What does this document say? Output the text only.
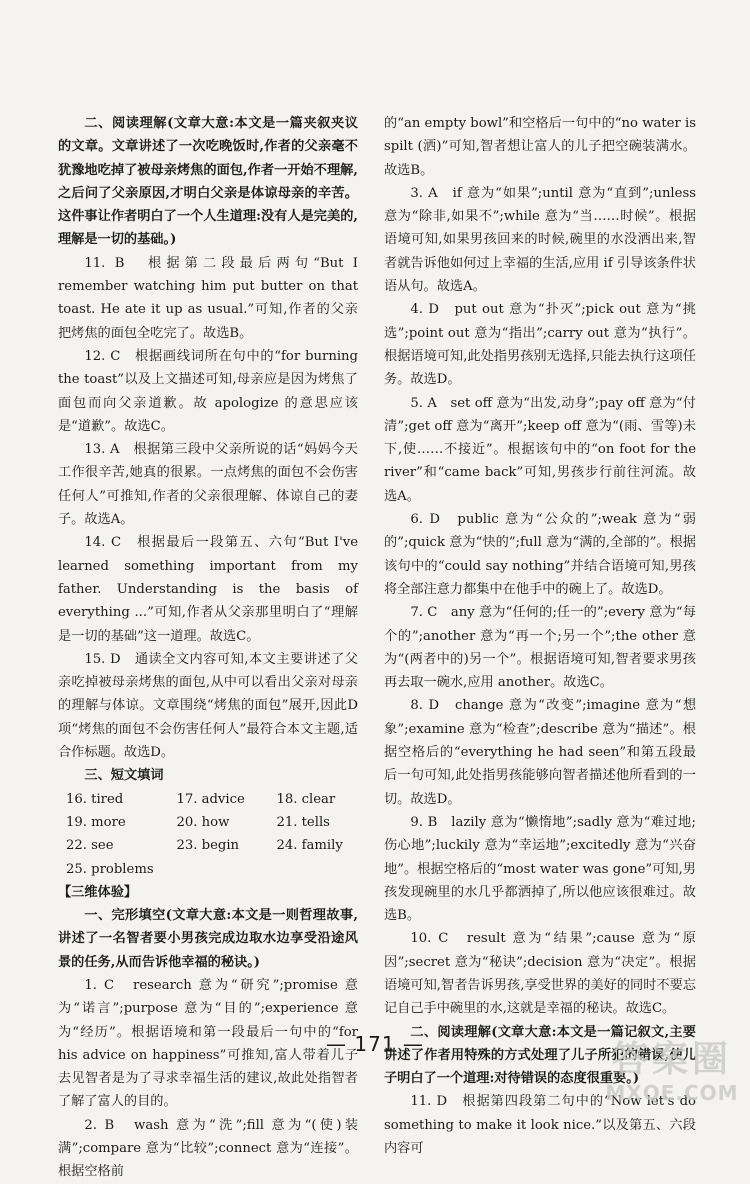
二、阅读理解(文章大意:本文是一篇夹叙夹议的文章。文章讲述了一次吃晚饭时,作者的父亲毫不犹豫地吃掉了被母亲烤焦的面包,作者一开始不理解,之后问了父亲原因,才明白父亲是体谅母亲的辛苦。这件事让作者明白了一个人生道理:没有人是完美的,理解是一切的基础。)

11. B　根据第二段最后两句“But I remember watching him put butter on that toast. He ate it up as usual.”可知,作者的父亲把烤焦的面包全吃完了。故选B。

12. C　根据画线词所在句中的“for burning the toast”以及上文描述可知,母亲应是因为烤焦了面包而向父亲道歉。故 apologize 的意思应该是“道歉”。故选C。

13. A　根据第三段中父亲所说的话“妈妈今天工作很辛苦,她真的很累。一点烤焦的面包不会伤害任何人”可推知,作者的父亲很理解、体谅自己的妻子。故选A。

14. C　根据最后一段第五、六句“But I've learned something important from my father. Understanding is the basis of everything ...”可知,作者从父亲那里明白了“理解是一切的基础”这一道理。故选C。

15. D　通读全文内容可知,本文主要讲述了父亲吃掉被母亲烤焦的面包,从中可以看出父亲对母亲的理解与体谅。文章围绕“烤焦的面包”展开,因此D项“烤焦的面包不会伤害任何人”最符合本文主题,适合作标题。故选D。

三、短文填词

16. tired	17. advice	18. clear
19. more	20. how	21. tells
22. see	23. begin	24. family
25. problems		

【三维体验】

一、完形填空(文章大意:本文是一则哲理故事,讲述了一名智者要小男孩完成边取水边享受沿途风景的任务,从而告诉他幸福的秘诀。)

1. C　research 意为“研究”;promise 意为“诺言”;purpose 意为“目的”;experience 意为“经历”。根据语境和第一段最后一句中的“for his advice on happiness”可推知,富人带着儿子去见智者是为了寻求幸福生活的建议,故此处指智者了解了富人的目的。

2. B　wash 意为“洗”;fill 意为“(使)装满”;compare 意为“比较”;connect 意为“连接”。根据空格前

的“an empty bowl”和空格后一句中的“no water is spilt (洒)”可知,智者想让富人的儿子把空碗装满水。故选B。

3. A　if 意为“如果”;until 意为“直到”;unless 意为“除非,如果不”;while 意为“当……时候”。根据语境可知,如果男孩回来的时候,碗里的水没洒出来,智者就告诉他如何过上幸福的生活,应用 if 引导该条件状语从句。故选A。

4. D　put out 意为“扑灭”;pick out 意为“挑选”;point out 意为“指出”;carry out 意为“执行”。根据语境可知,此处指男孩别无选择,只能去执行这项任务。故选D。

5. A　set off 意为“出发,动身”;pay off 意为“付清”;get off 意为“离开”;keep off 意为“(雨、雪等)未下,使……不接近”。根据该句中的“on foot for the river”和“came back”可知,男孩步行前往河流。故选A。

6. D　public 意为“公众的”;weak 意为“弱的”;quick 意为“快的”;full 意为“满的,全部的”。根据该句中的“could say nothing”并结合语境可知,男孩将全部注意力都集中在他手中的碗上了。故选D。

7. C　any 意为“任何的;任一的”;every 意为“每个的”;another 意为“再一个;另一个”;the other 意为“(两者中的)另一个”。根据语境可知,智者要求男孩再去取一碗水,应用 another。故选C。

8. D　change 意为“改变”;imagine 意为“想象”;examine 意为“检查”;describe 意为“描述”。根据空格后的“everything he had seen”和第五段最后一句可知,此处指男孩能够向智者描述他所看到的一切。故选D。

9. B　lazily 意为“懒惰地”;sadly 意为“难过地;伤心地”;luckily 意为“幸运地”;excitedly 意为“兴奋地”。根据空格后的“most water was gone”可知,男孩发现碗里的水几乎都洒掉了,所以他应该很难过。故选B。

10. C　result 意为“结果”;cause 意为“原因”;secret 意为“秘诀”;decision 意为“决定”。根据语境可知,智者告诉男孩,享受世界的美好的同时不要忘记自己手中碗里的水,这就是幸福的秘诀。故选C。

二、阅读理解(文章大意:本文是一篇记叙文,主要讲述了作者用特殊的方式处理了儿子所犯的错误,使儿子明白了一个道理:对待错误的态度很重要。)

11. D　根据第四段第二句中的“Now let's do something to make it look nice.”以及第五、六段内容可

— 171 —	答案圈
MXQE.COM
